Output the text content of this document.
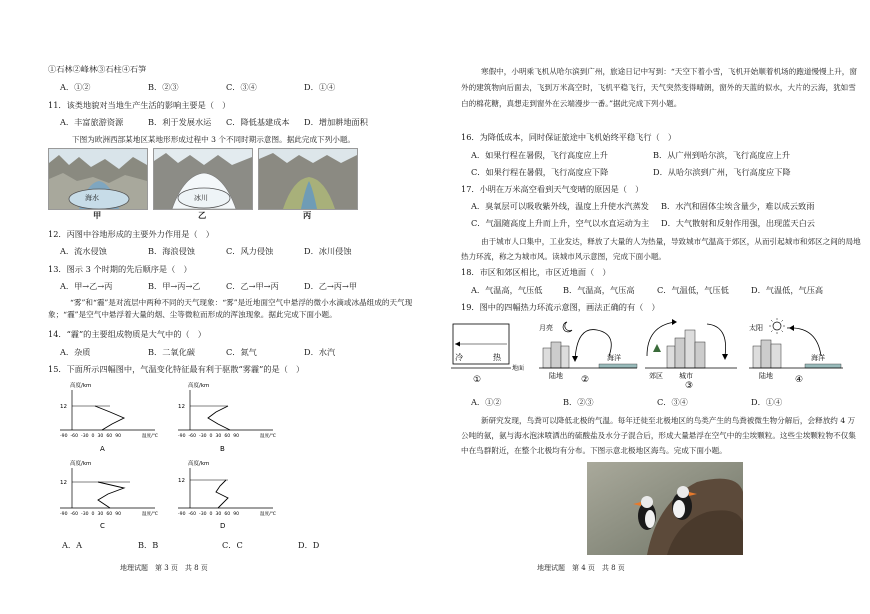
①石林②峰林③石柱④石笋
A．①②	B．②③	C．③④	D．①④
11．该类地貌对当地生产生活的影响主要是（　）
A．丰富旅游资源	B．利于发展水运 C．降低基建成本 D．增加耕地面积
下图为欧洲西部某地区某地形形成过程中 3 个不同时期示意图。据此完成下列小题。
海水	冰川
甲	乙	丙
12．丙图中谷地形成的主要外力作用是（　）
A．流水侵蚀	B．海浪侵蚀	C．风力侵蚀	D．冰川侵蚀
13．图示 3 个时期的先后顺序是（　）
A．甲→乙→丙	B．甲→丙→乙	C．乙→甲→丙	D．乙→丙→甲
“雾”和“霾”是对流层中两种不同的天气现象：“雾”是近地面空气中悬浮的微小水滴或冰晶组成的天气现象；“霾”是空气中悬浮着大量的烟、尘等微粒而形成的浑浊现象。据此完成下面小题。
14．“霾”的主要组成物质是大气中的（　）
A．杂质	B．二氧化碳	C．氮气	D．水汽
15．下面所示四幅图中，气温变化特征最有利于驱散“雾霾”的是（　）
高度/km
12
-90 -60 -30 0 30 60 90	温度/℃
A
高度/km
12
-90 -60 -30 0 30 60 90	温度/℃
B
高度/km
12
-90 -60 -30 0 30 60 90	温度/℃
C
高度/km
12
-90 -60 -30 0 30 60 90	温度/℃
D
A．A	B．B	C．C	D．D
地理试题　第 3 页　共 8 页
寒假中，小明乘飞机从哈尔滨到广州，旅途日记中写到：“天空下着小雪，飞机开始顺着机场的跑道慢慢上升，窗外的建筑物向后面去，飞到万米高空时，飞机平稳飞行，天气突然变得晴朗，窗外的天蓝的似水，大片的云海，犹如雪白的棉花糖，真想走到窗外在云端漫步一番。”据此完成下列小题。
16．为降低成本，同时保证旅途中飞机始终平稳飞行（　）
A．如果行程在暑假，飞行高度应上升	B．从广州到哈尔滨，飞行高度应上升
C．如果行程在暑假，飞行高度应下降	D．从哈尔滨到广州，飞行高度应下降
17．小明在万米高空看到天气变晴的原因是（　）
A．臭氧层可以吸收紫外线，温度上升使水汽蒸发 B．水汽和固体尘埃含量少，难以成云致雨
C．气温随高度上升而上升，空气以水直运动为主 D．大气散射和反射作用强，出现蓝天白云
由于城市人口集中，工业发达，释放了大量的人为热量，导致城市气温高于郊区，从而引起城市和郊区之间的局地热力环流，称之为城市风。读城市风示意图，完成下面小题。
18．市区和郊区相比，市区近地面（　）
A．气温高，气压低	B．气温高，气压高	C．气温低，气压低	D．气温低，气压高
19．图中的四幅热力环流示意图，画法正确的有（　）
冷	热
地面
①
月亮
海洋
陆地 ②	郊区 城市
③
太阳
海洋
陆地 ④
A．①②	B．②③	C．③④	D．①④
新研究发现，鸟粪可以降低北极的气温。每年迁徙至北极地区的鸟类产生的鸟粪被微生物分解后，会释放约 4 万公吨的氨，氨与海水泡沫喷洒出的硫酸盐及水分子混合后，形成大量悬浮在空气中的尘埃颗粒。这些尘埃颗粒物不仅集中在鸟群附近，在整个北极均有分布。下图示意北极地区海鸟。完成下面小题。
地理试题　第 4 页　共 8 页
